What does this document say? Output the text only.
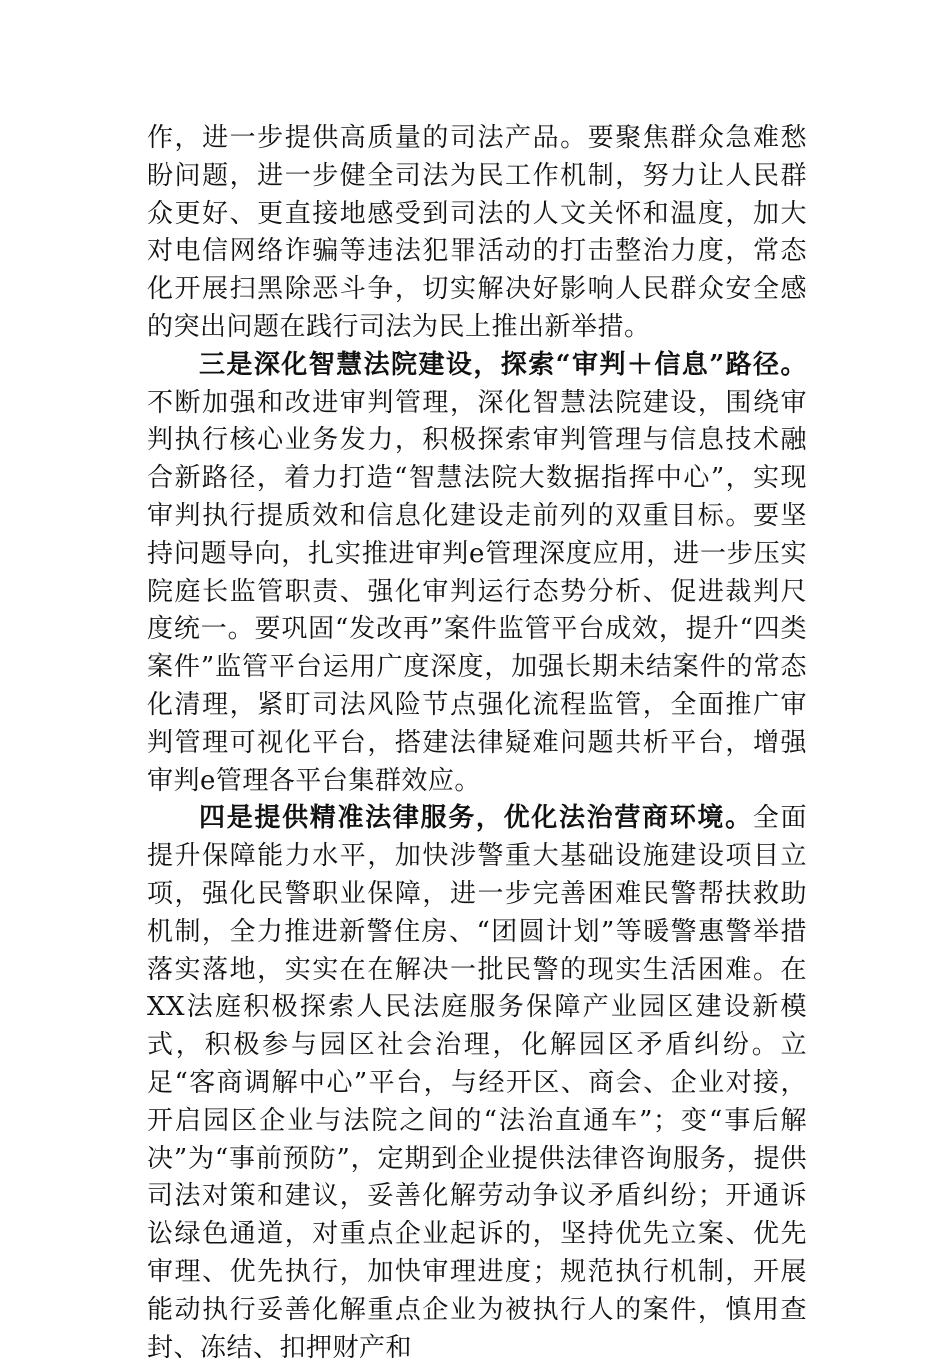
作，进一步提供高质量的司法产品。要聚焦群众急难愁盼问题，进一步健全司法为民工作机制，努力让人民群众更好、更直接地感受到司法的人文关怀和温度，加大对电信网络诈骗等违法犯罪活动的打击整治力度，常态化开展扫黑除恶斗争，切实解决好影响人民群众安全感的突出问题在践行司法为民上推出新举措。

三是深化智慧法院建设，探索“审判＋信息”路径。不断加强和改进审判管理，深化智慧法院建设，围绕审判执行核心业务发力，积极探索审判管理与信息技术融合新路径，着力打造“智慧法院大数据指挥中心”，实现审判执行提质效和信息化建设走前列的双重目标。要坚持问题导向，扎实推进审判e管理深度应用，进一步压实院庭长监管职责、强化审判运行态势分析、促进裁判尺度统一。要巩固“发改再”案件监管平台成效，提升“四类案件”监管平台运用广度深度，加强长期未结案件的常态化清理，紧盯司法风险节点强化流程监管，全面推广审判管理可视化平台，搭建法律疑难问题共析平台，增强审判e管理各平台集群效应。

四是提供精准法律服务，优化法治营商环境。全面提升保障能力水平，加快涉警重大基础设施建设项目立项，强化民警职业保障，进一步完善困难民警帮扶救助机制，全力推进新警住房、“团圆计划”等暖警惠警举措落实落地，实实在在解决一批民警的现实生活困难。在XX法庭积极探索人民法庭服务保障产业园区建设新模式，积极参与园区社会治理，化解园区矛盾纠纷。立足“客商调解中心”平台，与经开区、商会、企业对接，开启园区企业与法院之间的“法治直通车”；变“事后解决”为“事前预防”，定期到企业提供法律咨询服务，提供司法对策和建议，妥善化解劳动争议矛盾纠纷；开通诉讼绿色通道，对重点企业起诉的，坚持优先立案、优先审理、优先执行，加快审理进度；规范执行机制，开展能动执行妥善化解重点企业为被执行人的案件，慎用查封、冻结、扣押财产和
